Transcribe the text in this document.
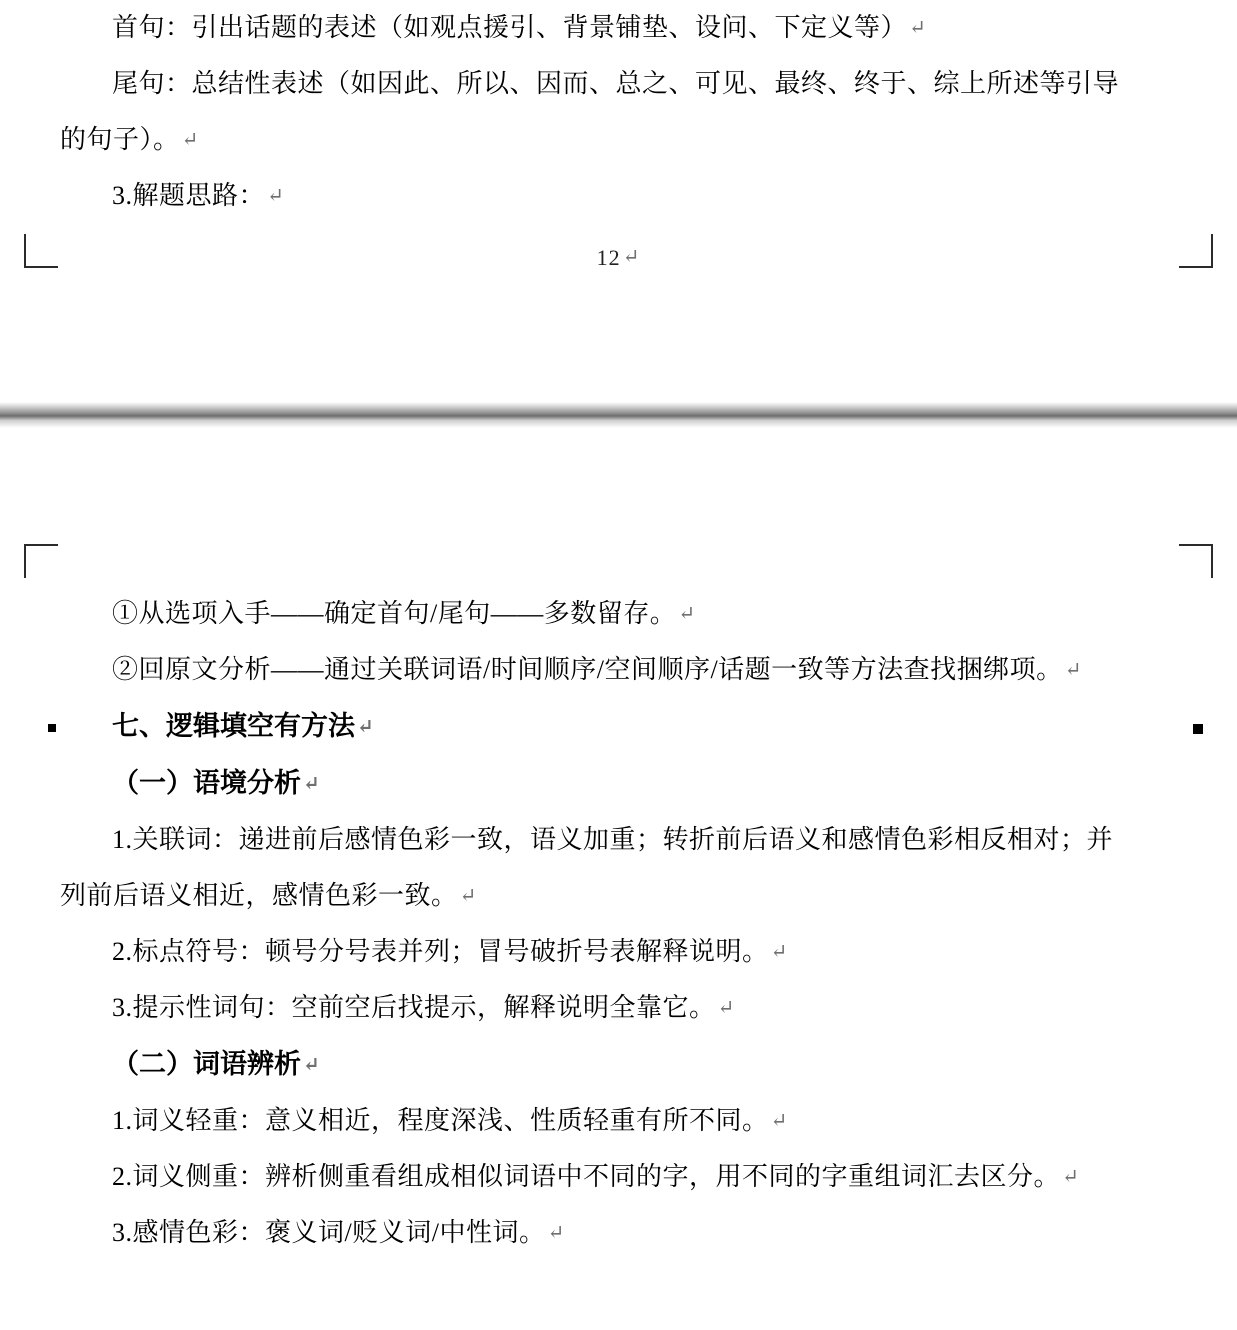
首句：引出话题的表述（如观点援引、背景铺垫、设问、下定义等） ↵

尾句：总结性表述（如因此、所以、因而、总之、可见、最终、终于、综上所述等引导

的句子）。 ↵

3.解题思路： ↵

12 ↵

①从选项入手——确定首句/尾句——多数留存。 ↵

②回原文分析——通过关联词语/时间顺序/空间顺序/话题一致等方法查找捆绑项。 ↵

七、逻辑填空有方法 ↵
（一）语境分析 ↵

1.关联词：递进前后感情色彩一致，语义加重；转折前后语义和感情色彩相反相对；并

列前后语义相近，感情色彩一致。 ↵

2.标点符号：顿号分号表并列；冒号破折号表解释说明。 ↵

3.提示性词句：空前空后找提示，解释说明全靠它。 ↵

（二）词语辨析 ↵

1.词义轻重：意义相近，程度深浅、性质轻重有所不同。 ↵

2.词义侧重：辨析侧重看组成相似词语中不同的字，用不同的字重组词汇去区分。 ↵

3.感情色彩：褒义词/贬义词/中性词。 ↵
